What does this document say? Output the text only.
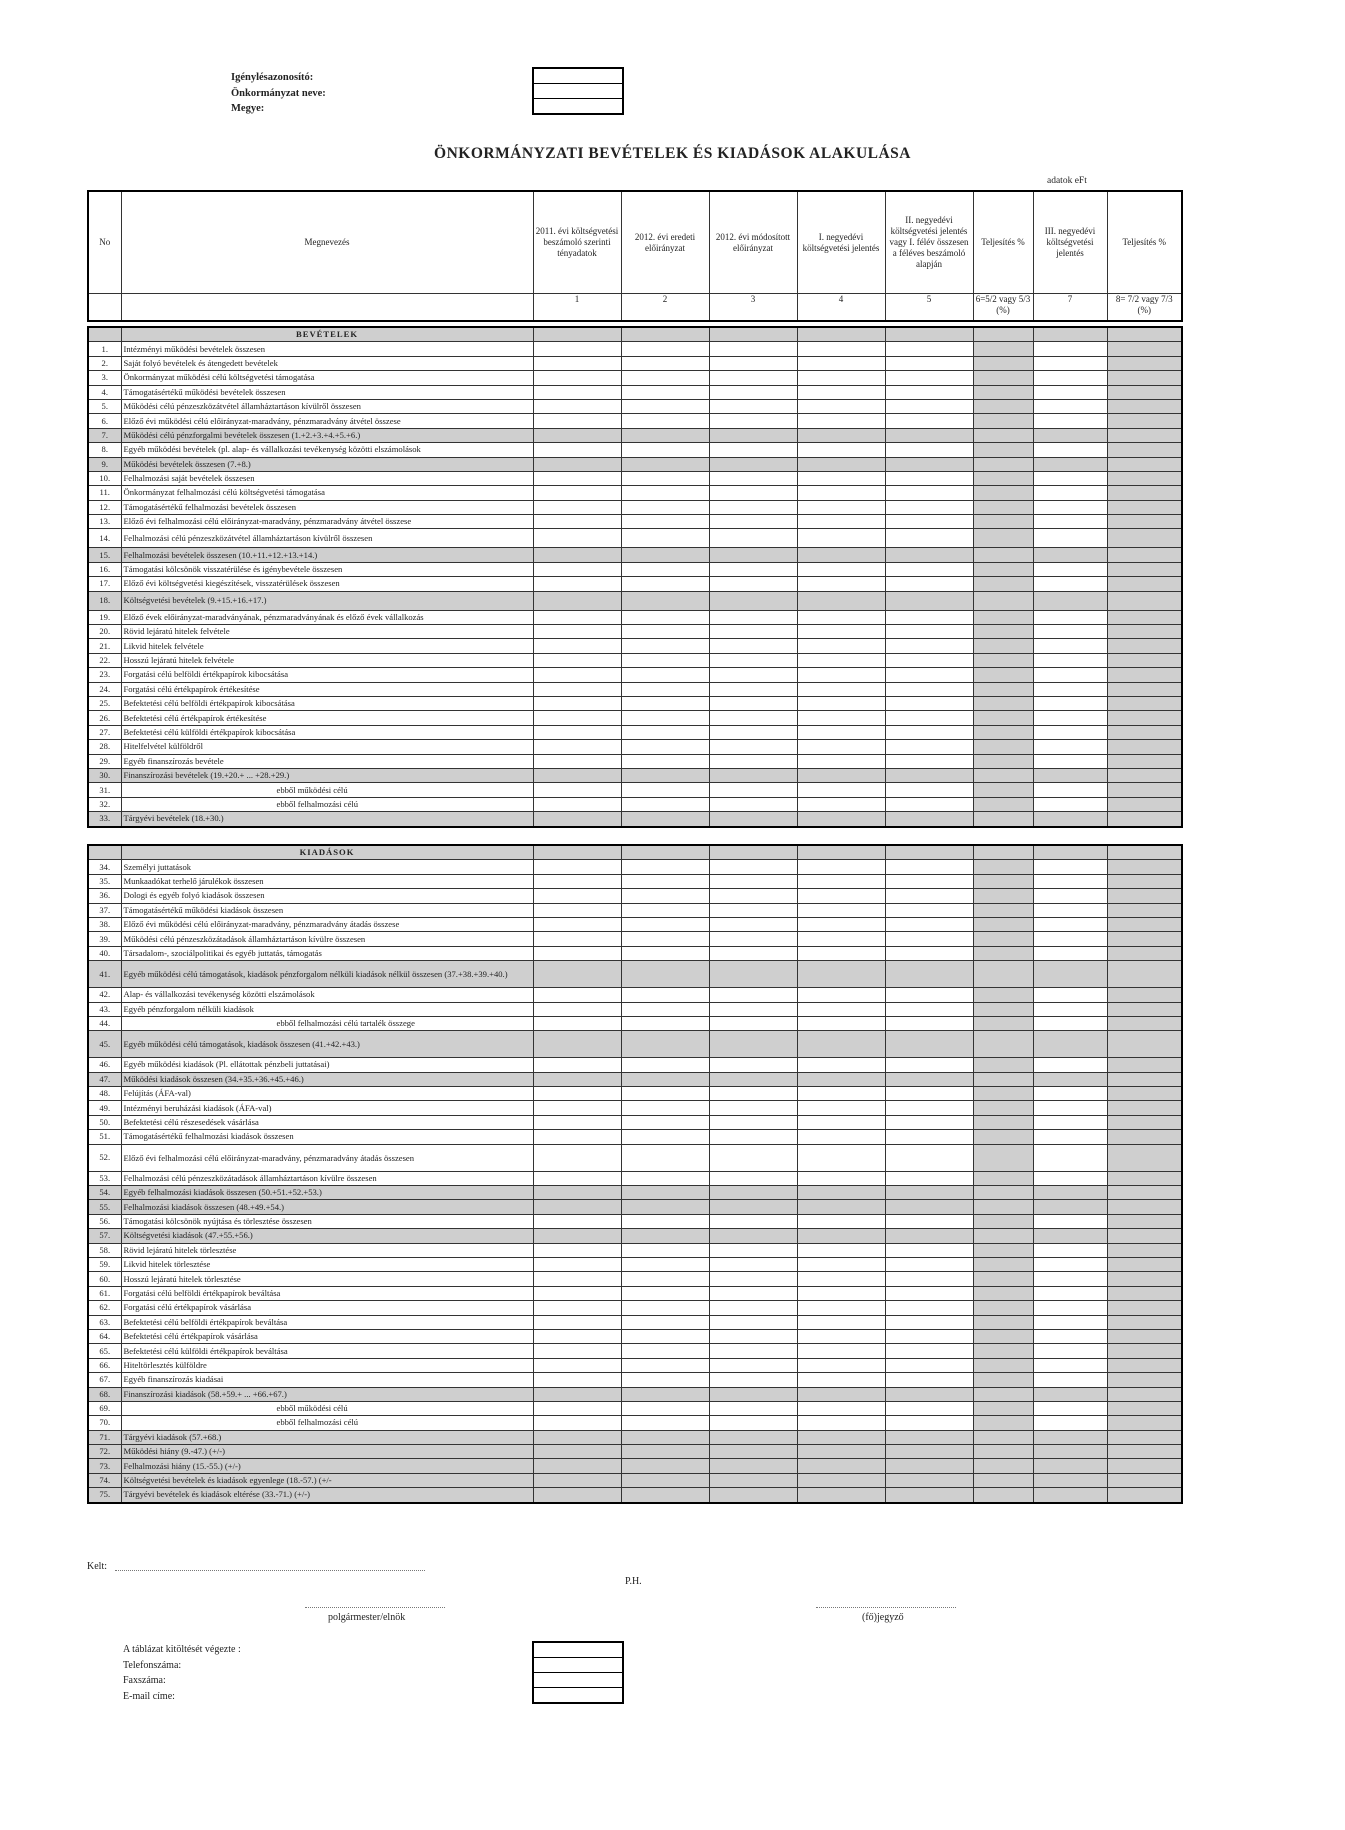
Igénylésazonosító:
Önkormányzat neve:
Megye:
ÖNKORMÁNYZATI BEVÉTELEK ÉS KIADÁSOK ALAKULÁSA
adatok eFt
No	Megnevezés	2011. évi költségvetési beszámoló szerinti tényadatok	2012. évi eredeti előirányzat	2012. évi módosított előirányzat	I. negyedévi költségvetési jelentés	II. negyedévi költségvetési jelentés vagy I. félév összesen a féléves beszámoló alapján	Teljesítés %	III. negyedévi költségvetési jelentés	Teljesítés %
		1	2	3	4	5	6=5/2 vagy 5/3 (%)	7	8= 7/2 vagy 7/3 (%)
	BEVÉTELEK								
1.	Intézményi működési bevételek összesen								
2.	Saját folyó bevételek és átengedett bevételek								
3.	Önkormányzat működési célú költségvetési támogatása								
4.	Támogatásértékű működési bevételek összesen								
5.	Működési célú pénzeszközátvétel államháztartáson kívülről összesen								
6.	Előző évi működési célú előirányzat-maradvány, pénzmaradvány átvétel összese								
7.	Működési célú pénzforgalmi bevételek összesen (1.+2.+3.+4.+5.+6.)								
8.	Egyéb működési bevételek (pl. alap- és vállalkozási tevékenység közötti elszámolások								
9.	Működési bevételek összesen (7.+8.)								
10.	Felhalmozási saját bevételek összesen								
11.	Önkormányzat felhalmozási célú költségvetési támogatása								
12.	Támogatásértékű felhalmozási bevételek összesen								
13.	Előző évi felhalmozási célú előirányzat-maradvány, pénzmaradvány átvétel összese								
14.	Felhalmozási célú pénzeszközátvétel államháztartáson kívülről összesen								
15.	Felhalmozási bevételek összesen (10.+11.+12.+13.+14.)								
16.	Támogatási kölcsönök visszatérülése és igénybevétele összesen								
17.	Előző évi költségvetési kiegészítések, visszatérülések összesen								
18.	Költségvetési bevételek (9.+15.+16.+17.)								
19.	Előző évek előirányzat-maradványának, pénzmaradványának és előző évek vállalkozás								
20.	Rövid lejáratú hitelek felvétele								
21.	Likvid hitelek felvétele								
22.	Hosszú lejáratú hitelek felvétele								
23.	Forgatási célú belföldi értékpapírok kibocsátása								
24.	Forgatási célú értékpapírok értékesítése								
25.	Befektetési célú belföldi értékpapírok kibocsátása								
26.	Befektetési célú értékpapírok értékesítése								
27.	Befektetési célú külföldi értékpapírok kibocsátása								
28.	Hitelfelvétel külföldről								
29.	Egyéb finanszírozás bevétele								
30.	Finanszírozási bevételek (19.+20.+ ... +28.+29.)								
31.	ebből működési célú								
32.	ebből felhalmozási célú								
33.	Tárgyévi bevételek (18.+30.)								
	KIADÁSOK								
34.	Személyi juttatások								
35.	Munkaadókat terhelő járulékok összesen								
36.	Dologi és egyéb folyó kiadások összesen								
37.	Támogatásértékű működési kiadások összesen								
38.	Előző évi működési célú előirányzat-maradvány, pénzmaradvány átadás összese								
39.	Működési célú pénzeszközátadások államháztartáson kívülre összesen								
40.	Társadalom-, szociálpolitikai és egyéb juttatás, támogatás								
41.	Egyéb működési célú támogatások, kiadások pénzforgalom nélküli kiadások nélkül összesen (37.+38.+39.+40.)								
42.	Alap- és vállalkozási tevékenység közötti elszámolások								
43.	Egyéb pénzforgalom nélküli kiadások								
44.	ebből felhalmozási célú tartalék összege								
45.	Egyéb működési célú támogatások, kiadások összesen (41.+42.+43.)								
46.	Egyéb működési kiadások (Pl. ellátottak pénzbeli juttatásai)								
47.	Működési kiadások összesen (34.+35.+36.+45.+46.)								
48.	Felújítás (ÁFA-val)								
49.	Intézményi beruházási kiadások (ÁFA-val)								
50.	Befektetési célú részesedések vásárlása								
51.	Támogatásértékű felhalmozási kiadások összesen								
52.	Előző évi felhalmozási célú előirányzat-maradvány, pénzmaradvány átadás összesen								
53.	Felhalmozási célú pénzeszközátadások államháztartáson kívülre összesen								
54.	Egyéb felhalmozási kiadások összesen (50.+51.+52.+53.)								
55.	Felhalmozási kiadások összesen (48.+49.+54.)								
56.	Támogatási kölcsönök nyújtása és törlesztése összesen								
57.	Költségvetési kiadások (47.+55.+56.)								
58.	Rövid lejáratú hitelek törlesztése								
59.	Likvid hitelek törlesztése								
60.	Hosszú lejáratú hitelek törlesztése								
61.	Forgatási célú belföldi értékpapírok beváltása								
62.	Forgatási célú értékpapírok vásárlása								
63.	Befektetési célú belföldi értékpapírok beváltása								
64.	Befektetési célú értékpapírok vásárlása								
65.	Befektetési célú külföldi értékpapírok beváltása								
66.	Hiteltörlesztés külföldre								
67.	Egyéb finanszírozás kiadásai								
68.	Finanszírozási kiadások (58.+59.+ ... +66.+67.)								
69.	ebből működési célú								
70.	ebből felhalmozási célú								
71.	Tárgyévi kiadások (57.+68.)								
72.	Működési hiány (9.-47.) (+/-)								
73.	Felhalmozási hiány (15.-55.) (+/-)								
74.	Költségvetési bevételek és kiadások egyenlege (18.-57.) (+/-								
75.	Tárgyévi bevételek és kiadások eltérése (33.-71.) (+/-)								
Kelt:
P.H.
polgármester/elnök	(fő)jegyző
A táblázat kitöltését végezte :
Telefonszáma:
Faxszáma:
E-mail címe:
